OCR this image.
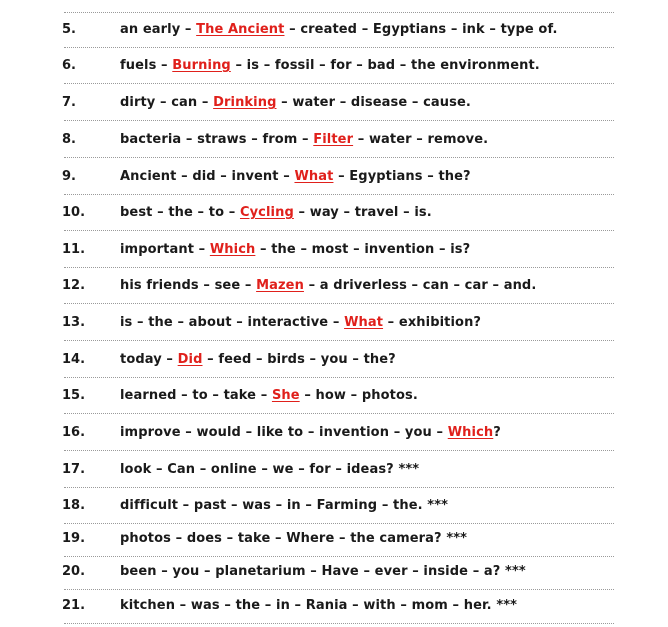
5.	an early – The Ancient – created – Egyptians – ink – type of.
6.	fuels – Burning – is – fossil – for – bad – the environment.
7.	dirty – can – Drinking – water – disease – cause.
8.	bacteria – straws – from – Filter – water – remove.
9.	Ancient – did – invent – What – Egyptians – the?
10.	best – the – to – Cycling – way – travel – is.
11.	important – Which – the – most – invention – is?
12.	his friends – see – Mazen – a driverless – can – car – and.
13.	is – the – about – interactive – What – exhibition?
14.	today – Did – feed – birds – you – the?
15.	learned – to – take – She – how – photos.
16.	improve – would – like to – invention – you – Which?
17.	look – Can – online – we – for – ideas? ***
18.	difficult – past – was – in – Farming – the. ***
19.	photos – does – take – Where – the camera? ***
20.	been – you – planetarium – Have – ever – inside – a? ***
21.	kitchen – was – the – in – Rania – with – mom – her. ***
